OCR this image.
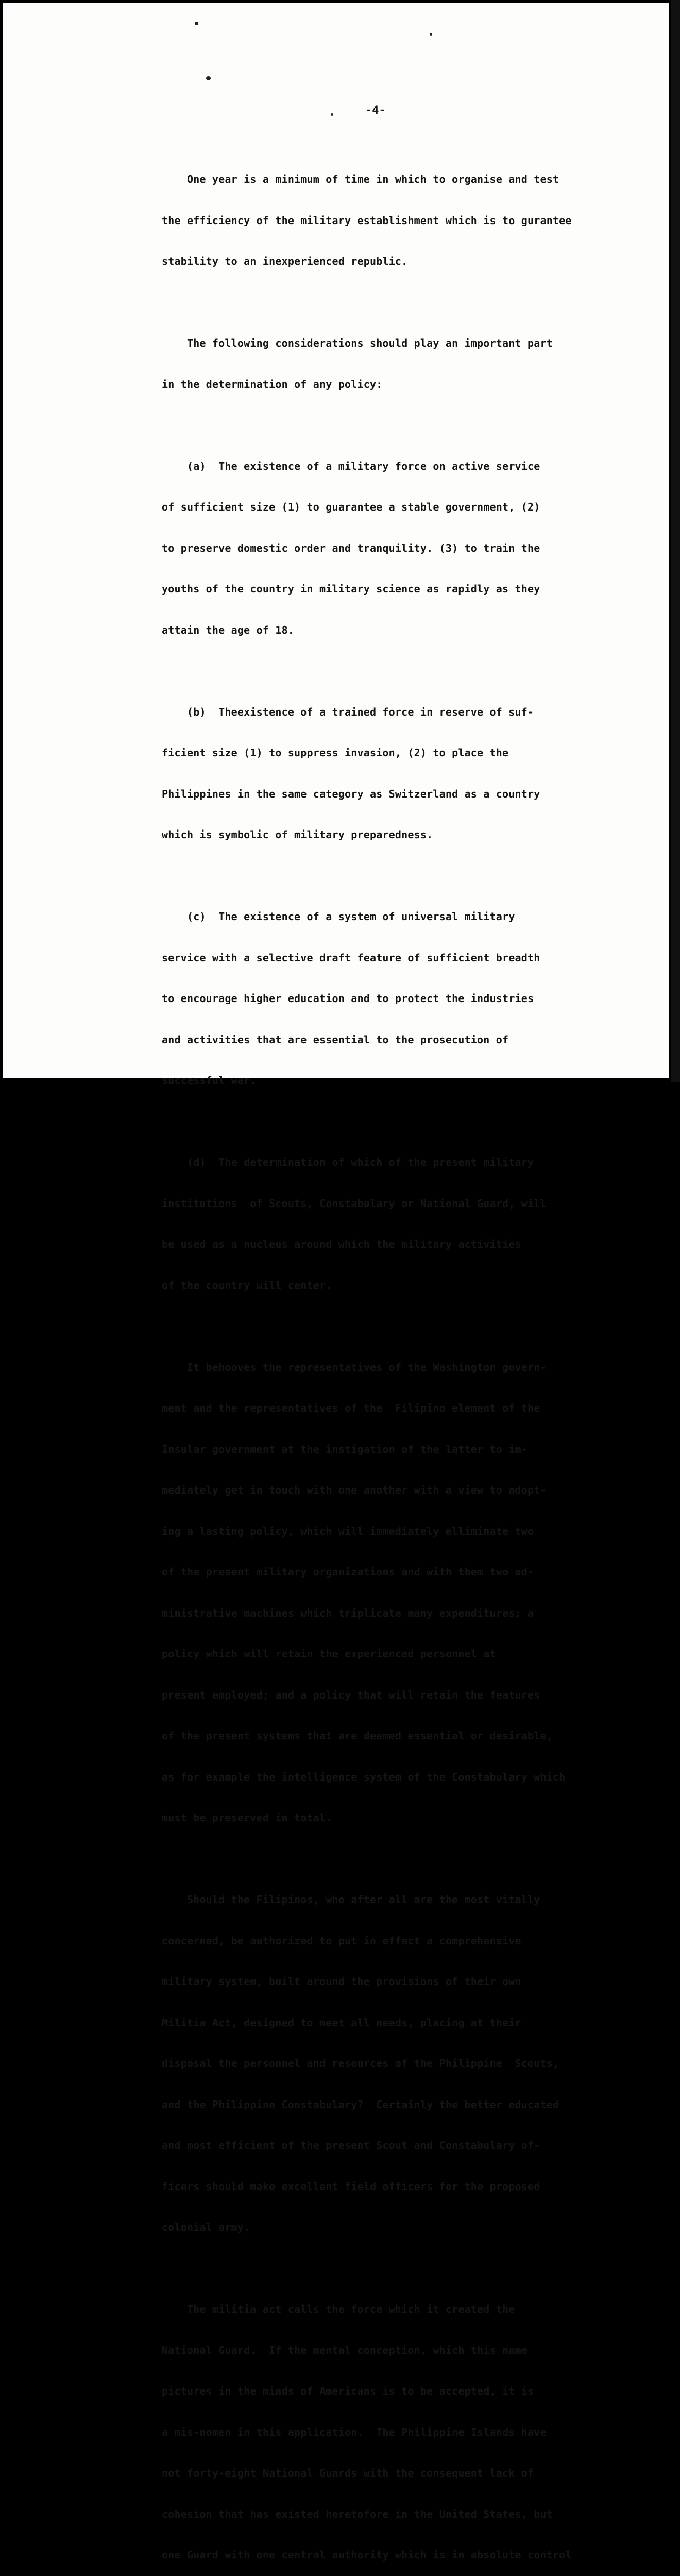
-4-

One year is a minimum of time in which to organise and test

the efficiency of the military establishment which is to gurantee

stability to an inexperienced republic.

The following considerations should play an important part

in the determination of any policy:

(a)  The existence of a military force on active service

of sufficient size (1) to guarantee a stable government, (2)

to preserve domestic order and tranquility. (3) to train the

youths of the country in military science as rapidly as they

attain the age of 18.

(b)  Theexistence of a trained force in reserve of suf-

ficient size (1) to suppress invasion, (2) to place the

Philippines in the same category as Switzerland as a country

which is symbolic of military preparedness.

(c)  The existence of a system of universal military

service with a selective draft feature of sufficient breadth

to encourage higher education and to protect the industries

and activities that are essential to the prosecution of

successful war.

(d)  The determination of which of the present military

institutions  of Scouts, Constabulary or National Guard, will

be used as a nucleus around which the military activities

of the country will center.

It behooves the representatives of the Washington govern-

ment and the representatives of the  Filipino element of the

Insular government at the instigation of the latter to im-

mediately get in touch with one another with a view to adopt-

ing a lasting policy, which will immediately elliminate two

of the present military organizations and with them two ad-

ministrative machines which triplicate many expenditures; a

policy which will retain the experienced personnel at

present employed; and a policy that will retain the features

of the present systems that are deemed essential or desirable,

as for example the intelligence system of the Constabulary which

must be preserved in total.

Should the Filipinos, who after all are the most vitally

concerned, be authorized to put in effect a comprehensive

military system, built around the provisions of their own

Militia Act, designed to meet all needs, placing at their

disposal the personnel and resources of the Philippine  Scouts,

and the Philippine Constabulary?  Certainly the better educated

and most efficient of the present Scout and Constabulary of-

ficers should make excellent field officers for the proposed

colonial army.

The militia act calls the force which it created the

National Guard.  If the mental conception, which this name

pictures in the minds of Americans is to be accepted, it is

a mis-nomen in this application.  The Philippine Islands have

not forty-eight National Guards with the consequent lack of

cohesion that has existed heretofore in the United States, but

one Guard with one central authority which is in absolute control
